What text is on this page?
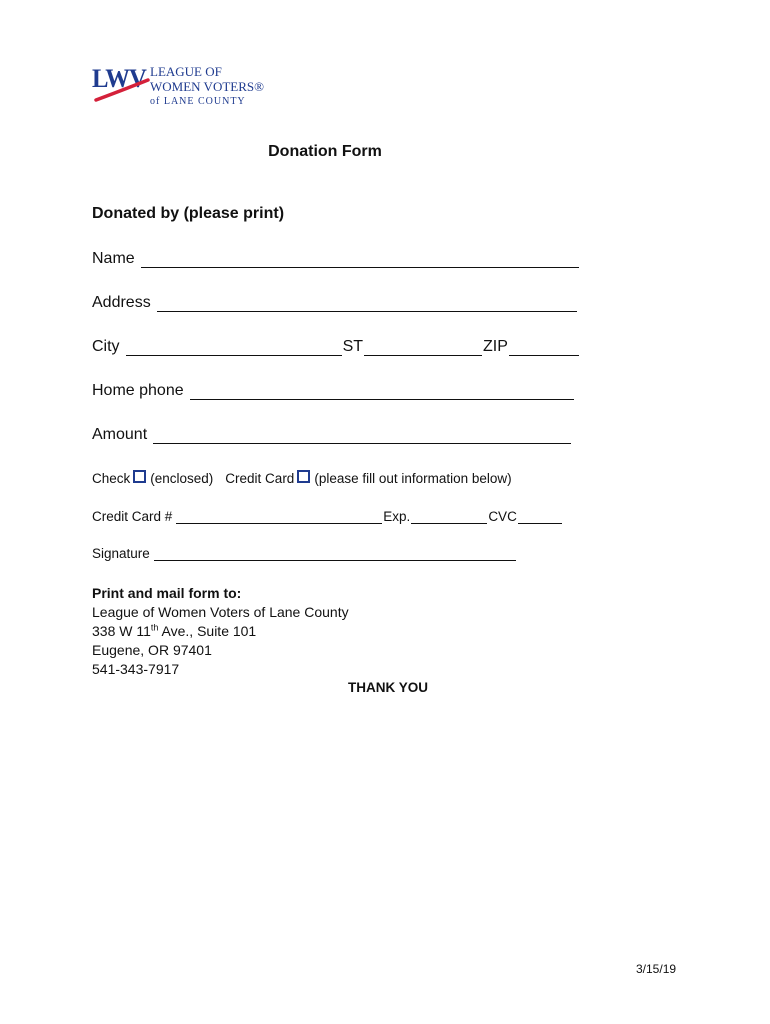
LWV LEAGUE OF
WOMEN VOTERS®
of LANE COUNTY
Donation Form
Donated by (please print)
Name
Address
City	ST	ZIP
Home phone
Amount
Check (enclosed) Credit Card (please fill out information below)
Credit Card #	Exp.	CVC
Signature
Print and mail form to:
League of Women Voters of Lane County
338 W 11th Ave., Suite 101
Eugene, OR 97401
541-343-7917
THANK YOU
3/15/19
